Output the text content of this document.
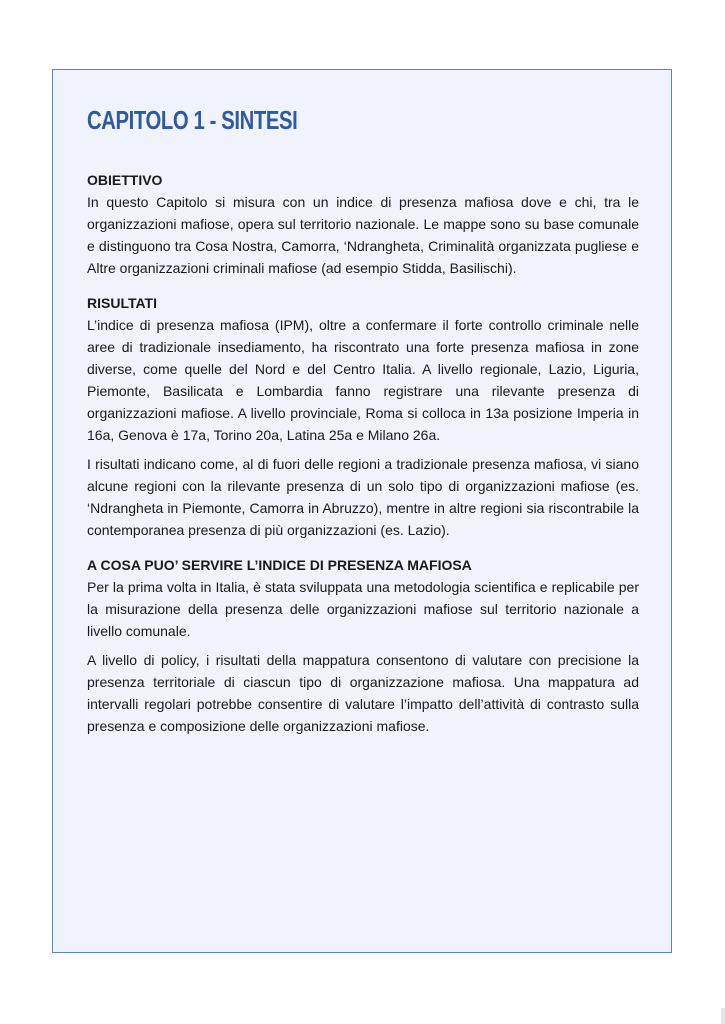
CAPITOLO 1 - SINTESI
OBIETTIVO

In questo Capitolo si misura con un indice di presenza mafiosa dove e chi, tra le organizzazioni mafiose, opera sul territorio nazionale. Le mappe sono su base comunale e distinguono tra Cosa Nostra, Camorra, ‘Ndrangheta, Criminalità organizzata pugliese e Altre organizzazioni criminali mafiose (ad esempio Stidda, Basilischi).

RISULTATI

L’indice di presenza mafiosa (IPM), oltre a confermare il forte controllo criminale nelle aree di tradizionale insediamento, ha riscontrato una forte presenza mafiosa in zone diverse, come quelle del Nord e del Centro Italia. A livello regionale, Lazio, Liguria, Piemonte, Basilicata e Lombardia fanno registrare una rilevante presenza di organizzazioni mafiose. A livello provinciale, Roma si colloca in 13a posizione Imperia in 16a, Genova è 17a, Torino 20a, Latina 25a e Milano 26a.

I risultati indicano come, al di fuori delle regioni a tradizionale presenza mafiosa, vi siano alcune regioni con la rilevante presenza di un solo tipo di organizzazioni mafiose (es. ‘Ndrangheta in Piemonte, Camorra in Abruzzo), mentre in altre regioni sia riscontrabile la contemporanea presenza di più organizzazioni (es. Lazio).

A COSA PUO’ SERVIRE L’INDICE DI PRESENZA MAFIOSA

Per la prima volta in Italia, è stata sviluppata una metodologia scientifica e replicabile per la misurazione della presenza delle organizzazioni mafiose sul territorio nazionale a livello comunale.

A livello di policy, i risultati della mappatura consentono di valutare con precisione la presenza territoriale di ciascun tipo di organizzazione mafiosa. Una mappatura ad intervalli regolari potrebbe consentire di valutare l’impatto dell’attività di contrasto sulla presenza e composizione delle organizzazioni mafiose.
